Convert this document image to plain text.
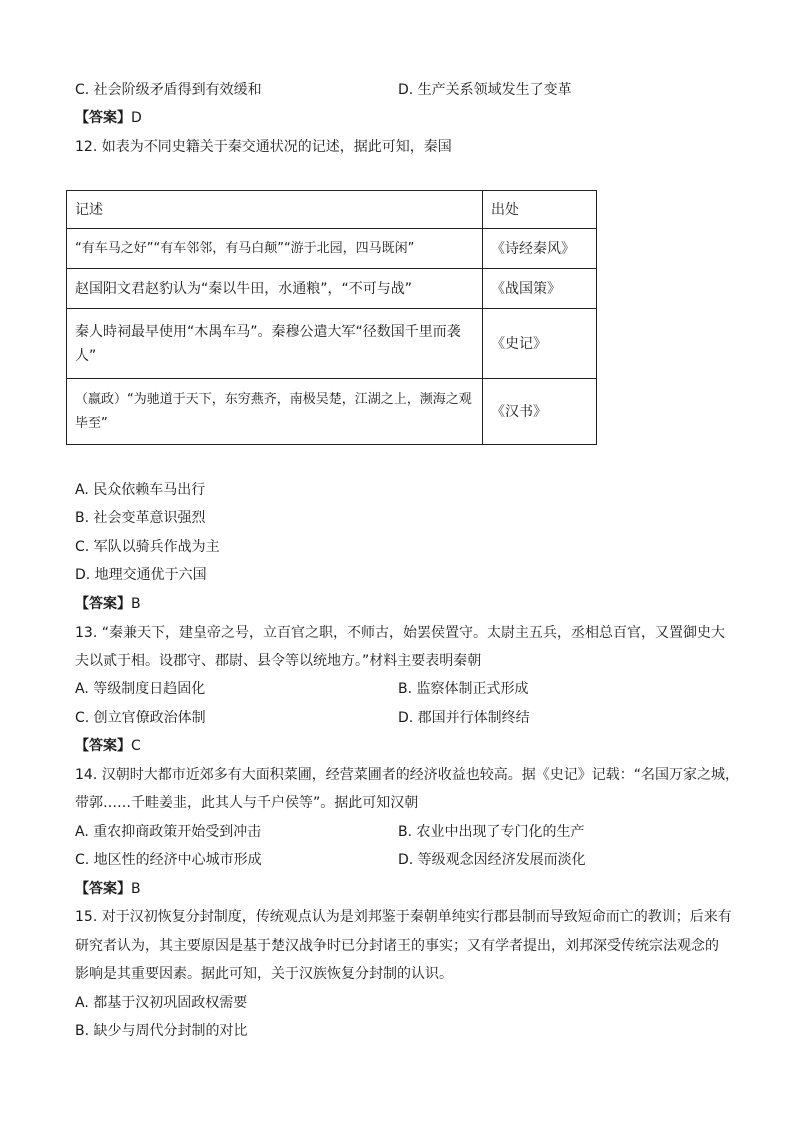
C. 社会阶级矛盾得到有效缓和	D. 生产关系领域发生了变革
【答案】D
12. 如表为不同史籍关于秦交通状况的记述，据此可知，秦国
记述	出处
“有车马之好”“有车邻邻，有马白颠”“游于北园，四马既闲”	《诗经秦风》
赵国阳文君赵豹认为“秦以牛田，水通粮”，“不可与战”	《战国策》
秦人時祠最早使用“木禺车马”。秦穆公遣大军“径数国千里而袭人”	《史记》
（嬴政）“为驰道于天下，东穷燕齐，南极吴楚，江湖之上，濒海之观毕至”	《汉书》
A. 民众依赖车马出行
B. 社会变革意识强烈
C. 军队以骑兵作战为主
D. 地理交通优于六国
【答案】B
13. “秦兼天下，建皇帝之号，立百官之职，不师古，始罢侯置守。太尉主五兵，丞相总百官，又置御史大
夫以贰于相。设郡守、郡尉、县令等以统地方。”材料主要表明秦朝
A. 等级制度日趋固化	B. 监察体制正式形成
C. 创立官僚政治体制	D. 郡国并行体制终结
【答案】C
14. 汉朝时大都市近郊多有大面积菜圃，经营菜圃者的经济收益也较高。据《史记》记载：“名国万家之城，
带郭……千畦姜韭，此其人与千户侯等”。据此可知汉朝
A. 重农抑商政策开始受到冲击	B. 农业中出现了专门化的生产
C. 地区性的经济中心城市形成	D. 等级观念因经济发展而淡化
【答案】B
15. 对于汉初恢复分封制度，传统观点认为是刘邦鉴于秦朝单纯实行郡县制而导致短命而亡的教训；后来有
研究者认为，其主要原因是基于楚汉战争时已分封诸王的事实；又有学者提出，刘邦深受传统宗法观念的
影响是其重要因素。据此可知，关于汉族恢复分封制的认识。
A. 都基于汉初巩固政权需要
B. 缺少与周代分封制的对比
